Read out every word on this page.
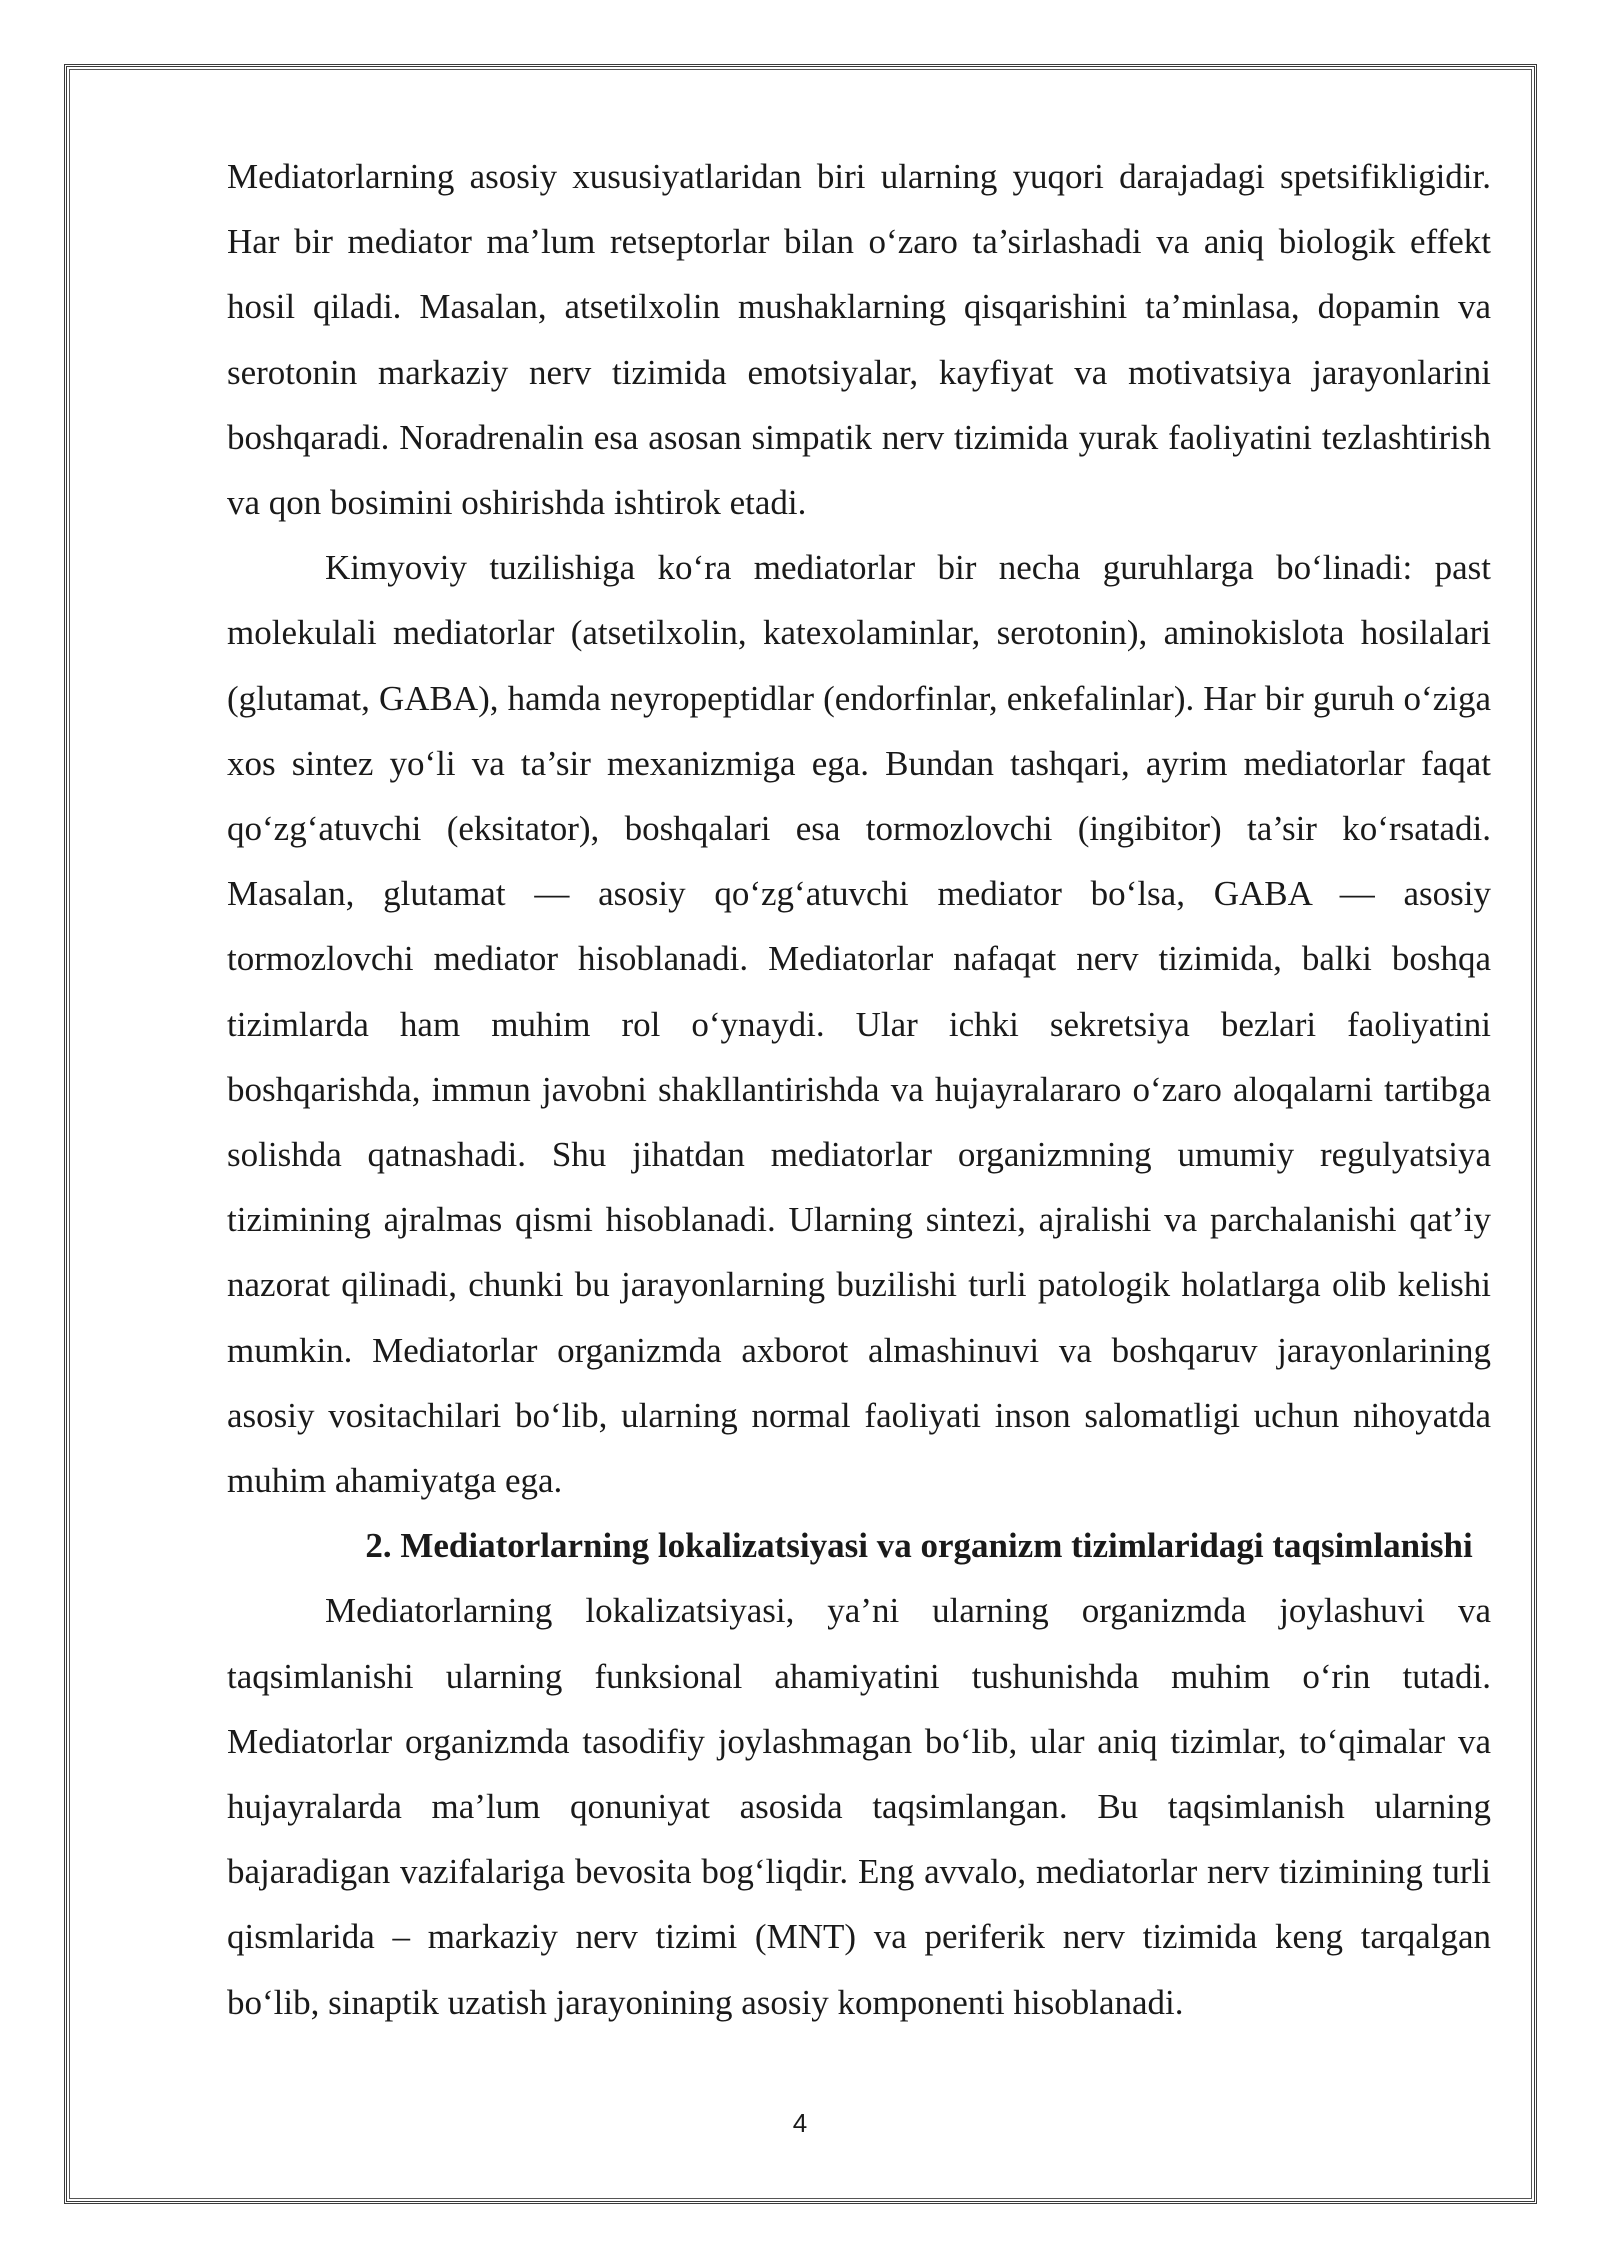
Mediatorlarning asosiy xususiyatlaridan biri ularning yuqori darajadagi spetsifikligidir. Har bir mediator ma’lum retseptorlar bilan o‘zaro ta’sirlashadi va aniq biologik effekt hosil qiladi. Masalan, atsetilxolin mushaklarning qisqarishini ta’minlasa, dopamin va serotonin markaziy nerv tizimida emotsiyalar, kayfiyat va motivatsiya jarayonlarini boshqaradi. Noradrenalin esa asosan simpatik nerv tizimida yurak faoliyatini tezlashtirish va qon bosimini oshirishda ishtirok etadi.

Kimyoviy tuzilishiga ko‘ra mediatorlar bir necha guruhlarga bo‘linadi: past molekulali mediatorlar (atsetilxolin, katexolaminlar, serotonin), aminokislota hosilalari (glutamat, GABA), hamda neyropeptidlar (endorfinlar, enkefalinlar). Har bir guruh o‘ziga xos sintez yo‘li va ta’sir mexanizmiga ega. Bundan tashqari, ayrim mediatorlar faqat qo‘zg‘atuvchi (eksitator), boshqalari esa tormozlovchi (ingibitor) ta’sir ko‘rsatadi. Masalan, glutamat — asosiy qo‘zg‘atuvchi mediator bo‘lsa, GABA — asosiy tormozlovchi mediator hisoblanadi. Mediatorlar nafaqat nerv tizimida, balki boshqa tizimlarda ham muhim rol o‘ynaydi. Ular ichki sekretsiya bezlari faoliyatini boshqarishda, immun javobni shakllantirishda va hujayralararo o‘zaro aloqalarni tartibga solishda qatnashadi. Shu jihatdan mediatorlar organizmning umumiy regulyatsiya tizimining ajralmas qismi hisoblanadi. Ularning sintezi, ajralishi va parchalanishi qat’iy nazorat qilinadi, chunki bu jarayonlarning buzilishi turli patologik holatlarga olib kelishi mumkin. Mediatorlar organizmda axborot almashinuvi va boshqaruv jarayonlarining asosiy vositachilari bo‘lib, ularning normal faoliyati inson salomatligi uchun nihoyatda muhim ahamiyatga ega.

2. Mediatorlarning lokalizatsiyasi va organizm tizimlaridagi taqsimlanishi

Mediatorlarning lokalizatsiyasi, ya’ni ularning organizmda joylashuvi va taqsimlanishi ularning funksional ahamiyatini tushunishda muhim o‘rin tutadi. Mediatorlar organizmda tasodifiy joylashmagan bo‘lib, ular aniq tizimlar, to‘qimalar va hujayralarda ma’lum qonuniyat asosida taqsimlangan. Bu taqsimlanish ularning bajaradigan vazifalariga bevosita bog‘liqdir. Eng avvalo, mediatorlar nerv tizimining turli qismlarida – markaziy nerv tizimi (MNT) va periferik nerv tizimida keng tarqalgan bo‘lib, sinaptik uzatish jarayonining asosiy komponenti hisoblanadi.

4
